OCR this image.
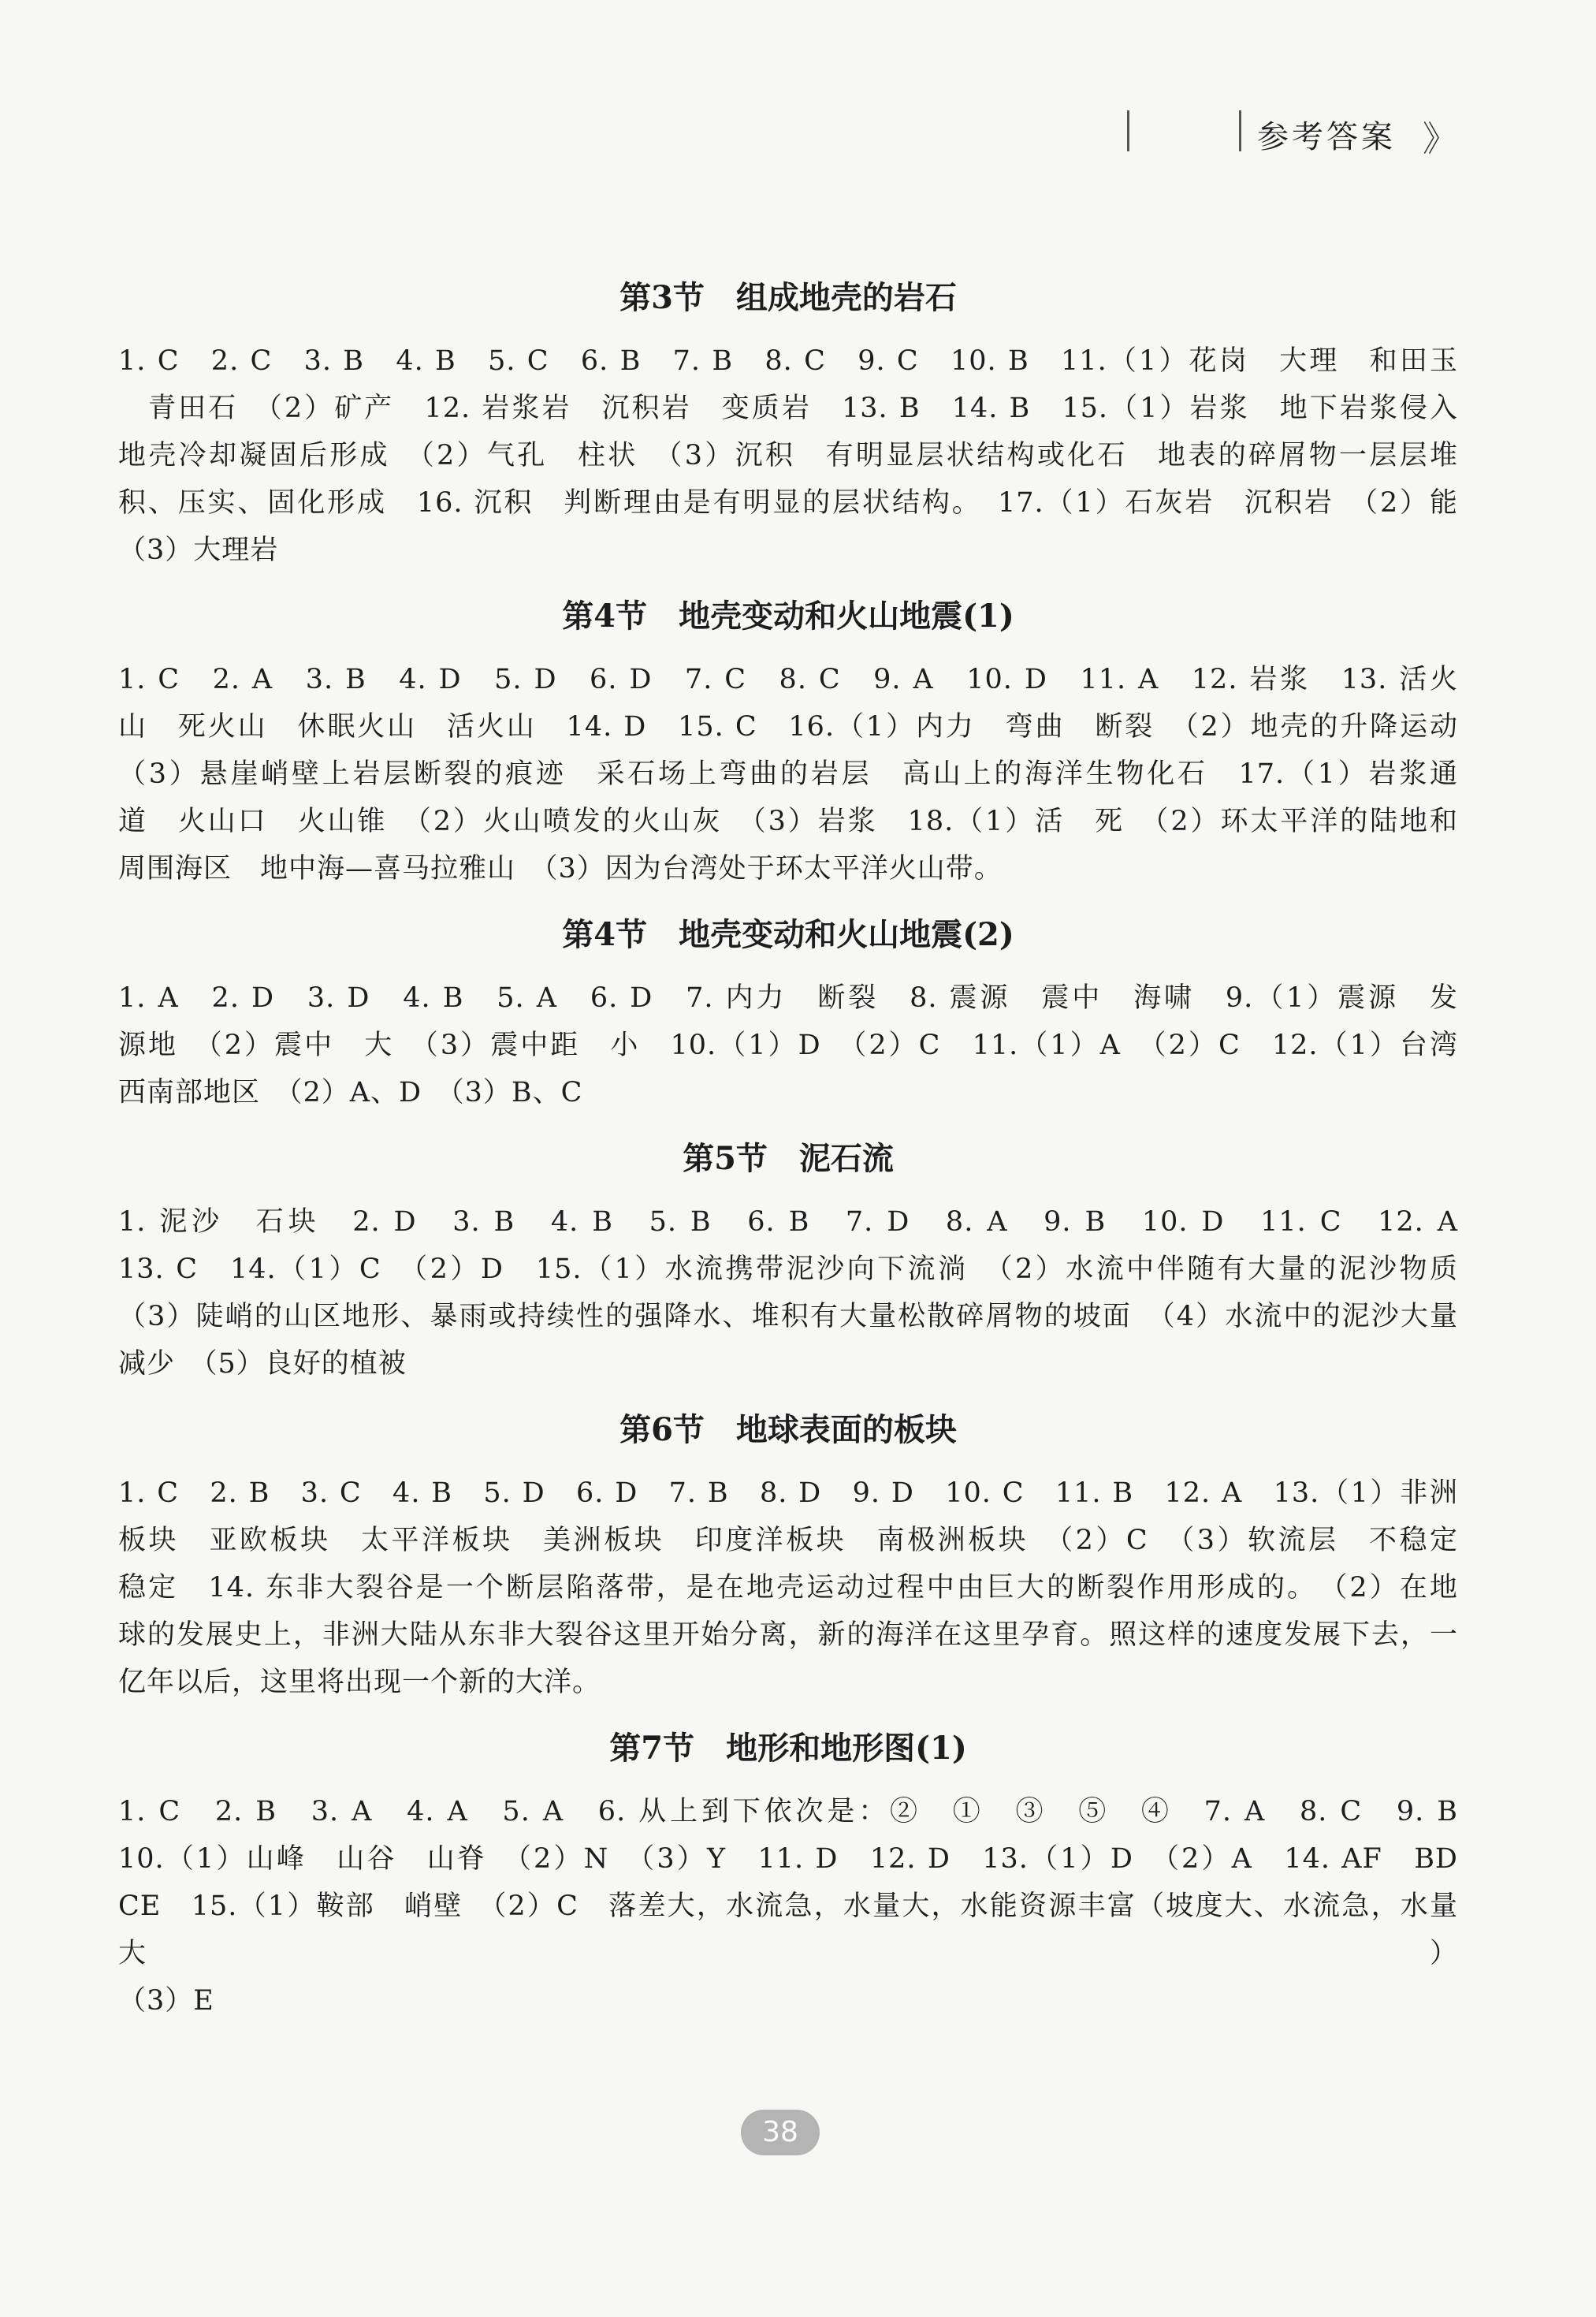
参考答案 》
第3节 组成地壳的岩石
1. C　2. C　3. B　4. B　5. C　6. B　7. B　8. C　9. C　10. B　11.（1）花岗　大理　和田玉
　青田石　（2）矿产　12. 岩浆岩　沉积岩　变质岩　13. B　14. B　15.（1）岩浆　地下岩浆侵入
地壳冷却凝固后形成　（2）气孔　柱状　（3）沉积　有明显层状结构或化石　地表的碎屑物一层层堆
积、压实、固化形成　16. 沉积　判断理由是有明显的层状结构。　17.（1）石灰岩　沉积岩　（2）能
（3）大理岩
第4节 地壳变动和火山地震(1)
1. C　2. A　3. B　4. D　5. D　6. D　7. C　8. C　9. A　10. D　11. A　12. 岩浆　13. 活火
山　死火山　休眠火山　活火山　14. D　15. C　16.（1）内力　弯曲　断裂　（2）地壳的升降运动
（3）悬崖峭壁上岩层断裂的痕迹　采石场上弯曲的岩层　高山上的海洋生物化石　17.（1）岩浆通
道　火山口　火山锥　（2）火山喷发的火山灰　（3）岩浆　18.（1）活　死　（2）环太平洋的陆地和
周围海区　地中海—喜马拉雅山　（3）因为台湾处于环太平洋火山带。
第4节 地壳变动和火山地震(2)
1. A　2. D　3. D　4. B　5. A　6. D　7. 内力　断裂　8. 震源　震中　海啸　9.（1）震源　发
源地　（2）震中　大　（3）震中距　小　10.（1）D　（2）C　11.（1）A　（2）C　12.（1）台湾
西南部地区　（2）A、D　（3）B、C
第5节 泥石流
1. 泥沙　石块　2. D　3. B　4. B　5. B　6. B　7. D　8. A　9. B　10. D　11. C　12. A
13. C　14.（1）C　（2）D　15.（1）水流携带泥沙向下流淌　（2）水流中伴随有大量的泥沙物质
（3）陡峭的山区地形、暴雨或持续性的强降水、堆积有大量松散碎屑物的坡面　（4）水流中的泥沙大量
减少　（5）良好的植被
第6节 地球表面的板块
1. C　2. B　3. C　4. B　5. D　6. D　7. B　8. D　9. D　10. C　11. B　12. A　13.（1）非洲
板块　亚欧板块　太平洋板块　美洲板块　印度洋板块　南极洲板块　（2）C　（3）软流层　不稳定
稳定　14. 东非大裂谷是一个断层陷落带，是在地壳运动过程中由巨大的断裂作用形成的。　（2）在地
球的发展史上，非洲大陆从东非大裂谷这里开始分离，新的海洋在这里孕育。照这样的速度发展下去，一
亿年以后，这里将出现一个新的大洋。
第7节 地形和地形图(1)
1. C　2. B　3. A　4. A　5. A　6. 从上到下依次是：②　①　③　⑤　④　7. A　8. C　9. B
10.（1）山峰　山谷　山脊　（2）N　（3）Y　11. D　12. D　13.（1）D　（2）A　14. AF　BD
CE　15.（1）鞍部　峭壁　（2）C　落差大，水流急，水量大，水能资源丰富（坡度大、水流急，水量大）
（3）E
38
